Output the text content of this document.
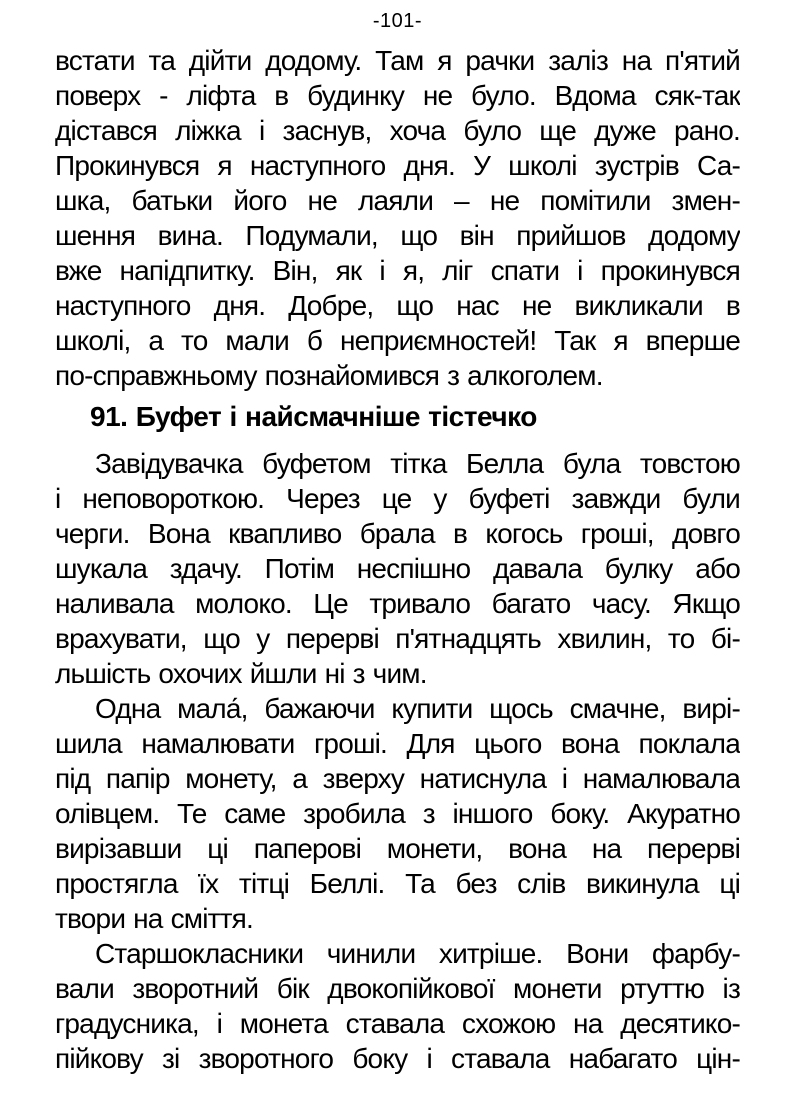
-101-
встати та дійти додому. Там я рачки заліз на п'ятий
поверх - ліфта в будинку не було. Вдома сяк-так
дістався ліжка і заснув, хоча було ще дуже рано.
Прокинувся я наступного дня. У школі зустрів Са-
шка, батьки його не лаяли – не помітили змен-
шення вина. Подумали, що він прийшов додому
вже напідпитку. Він, як і я, ліг спати і прокинувся
наступного дня. Добре, що нас не викликали в
школі, а то мали б неприємностей! Так я вперше
по-справжньому познайомився з алкоголем.
91. Буфет і найсмачніше тістечко
Завідувачка буфетом тітка Белла була товстою
і неповороткою. Через це у буфеті завжди були
черги. Вона квапливо брала в когось гроші, довго
шукала здачу. Потім неспішно давала булку або
наливала молоко. Це тривало багато часу. Якщо
врахувати, що у перерві п'ятнадцять хвилин, то бі-
льшість охочих йшли ні з чим.
Одна мала́, бажаючи купити щось смачне, вирі-
шила намалювати гроші. Для цього вона поклала
під папір монету, а зверху натиснула і намалювала
олівцем. Те саме зробила з іншого боку. Акуратно
вирізавши ці паперові монети, вона на перерві
простягла їх тітці Беллі. Та без слів викинула ці
твори на сміття.
Старшокласники чинили хитріше. Вони фарбу-
вали зворотний бік двокопійкової монети ртуттю із
градусника, і монета ставала схожою на десятико-
пійкову зі зворотного боку і ставала набагато цін-
